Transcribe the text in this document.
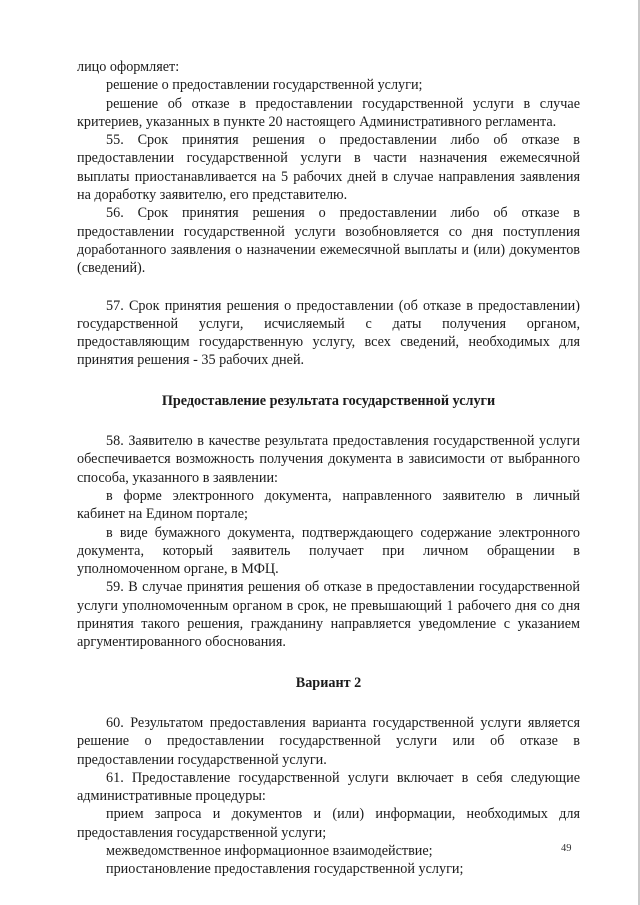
лицо оформляет:

решение о предоставлении государственной услуги;

решение об отказе в предоставлении государственной услуги в случае критериев, указанных в пункте 20 настоящего Административного регламента.

55. Срок принятия решения о предоставлении либо об отказе в предоставлении государственной услуги в части назначения ежемесячной выплаты приостанавливается на 5 рабочих дней в случае направления заявления на доработку заявителю, его представителю.

56. Срок принятия решения о предоставлении либо об отказе в предоставлении государственной услуги возобновляется со дня поступления доработанного заявления о назначении ежемесячной выплаты и (или) документов (сведений).

57. Срок принятия решения о предоставлении (об отказе в предоставлении) государственной услуги, исчисляемый с даты получения органом, предоставляющим государственную услугу, всех сведений, необходимых для принятия решения - 35 рабочих дней.

Предоставление результата государственной услуги

58. Заявителю в качестве результата предоставления государственной услуги обеспечивается возможность получения документа в зависимости от выбранного способа, указанного в заявлении:

в форме электронного документа, направленного заявителю в личный кабинет на Едином портале;

в виде бумажного документа, подтверждающего содержание электронного документа, который заявитель получает при личном обращении в уполномоченном органе, в МФЦ.

59. В случае принятия решения об отказе в предоставлении государственной услуги уполномоченным органом в срок, не превышающий 1 рабочего дня со дня принятия такого решения, гражданину направляется уведомление с указанием аргументированного обоснования.

Вариант 2

60. Результатом предоставления варианта государственной услуги является решение о предоставлении государственной услуги или об отказе в предоставлении государственной услуги.

61. Предоставление государственной услуги включает в себя следующие административные процедуры:

прием запроса и документов и (или) информации, необходимых для предоставления государственной услуги;

межведомственное информационное взаимодействие;

приостановление предоставления государственной услуги;

49
